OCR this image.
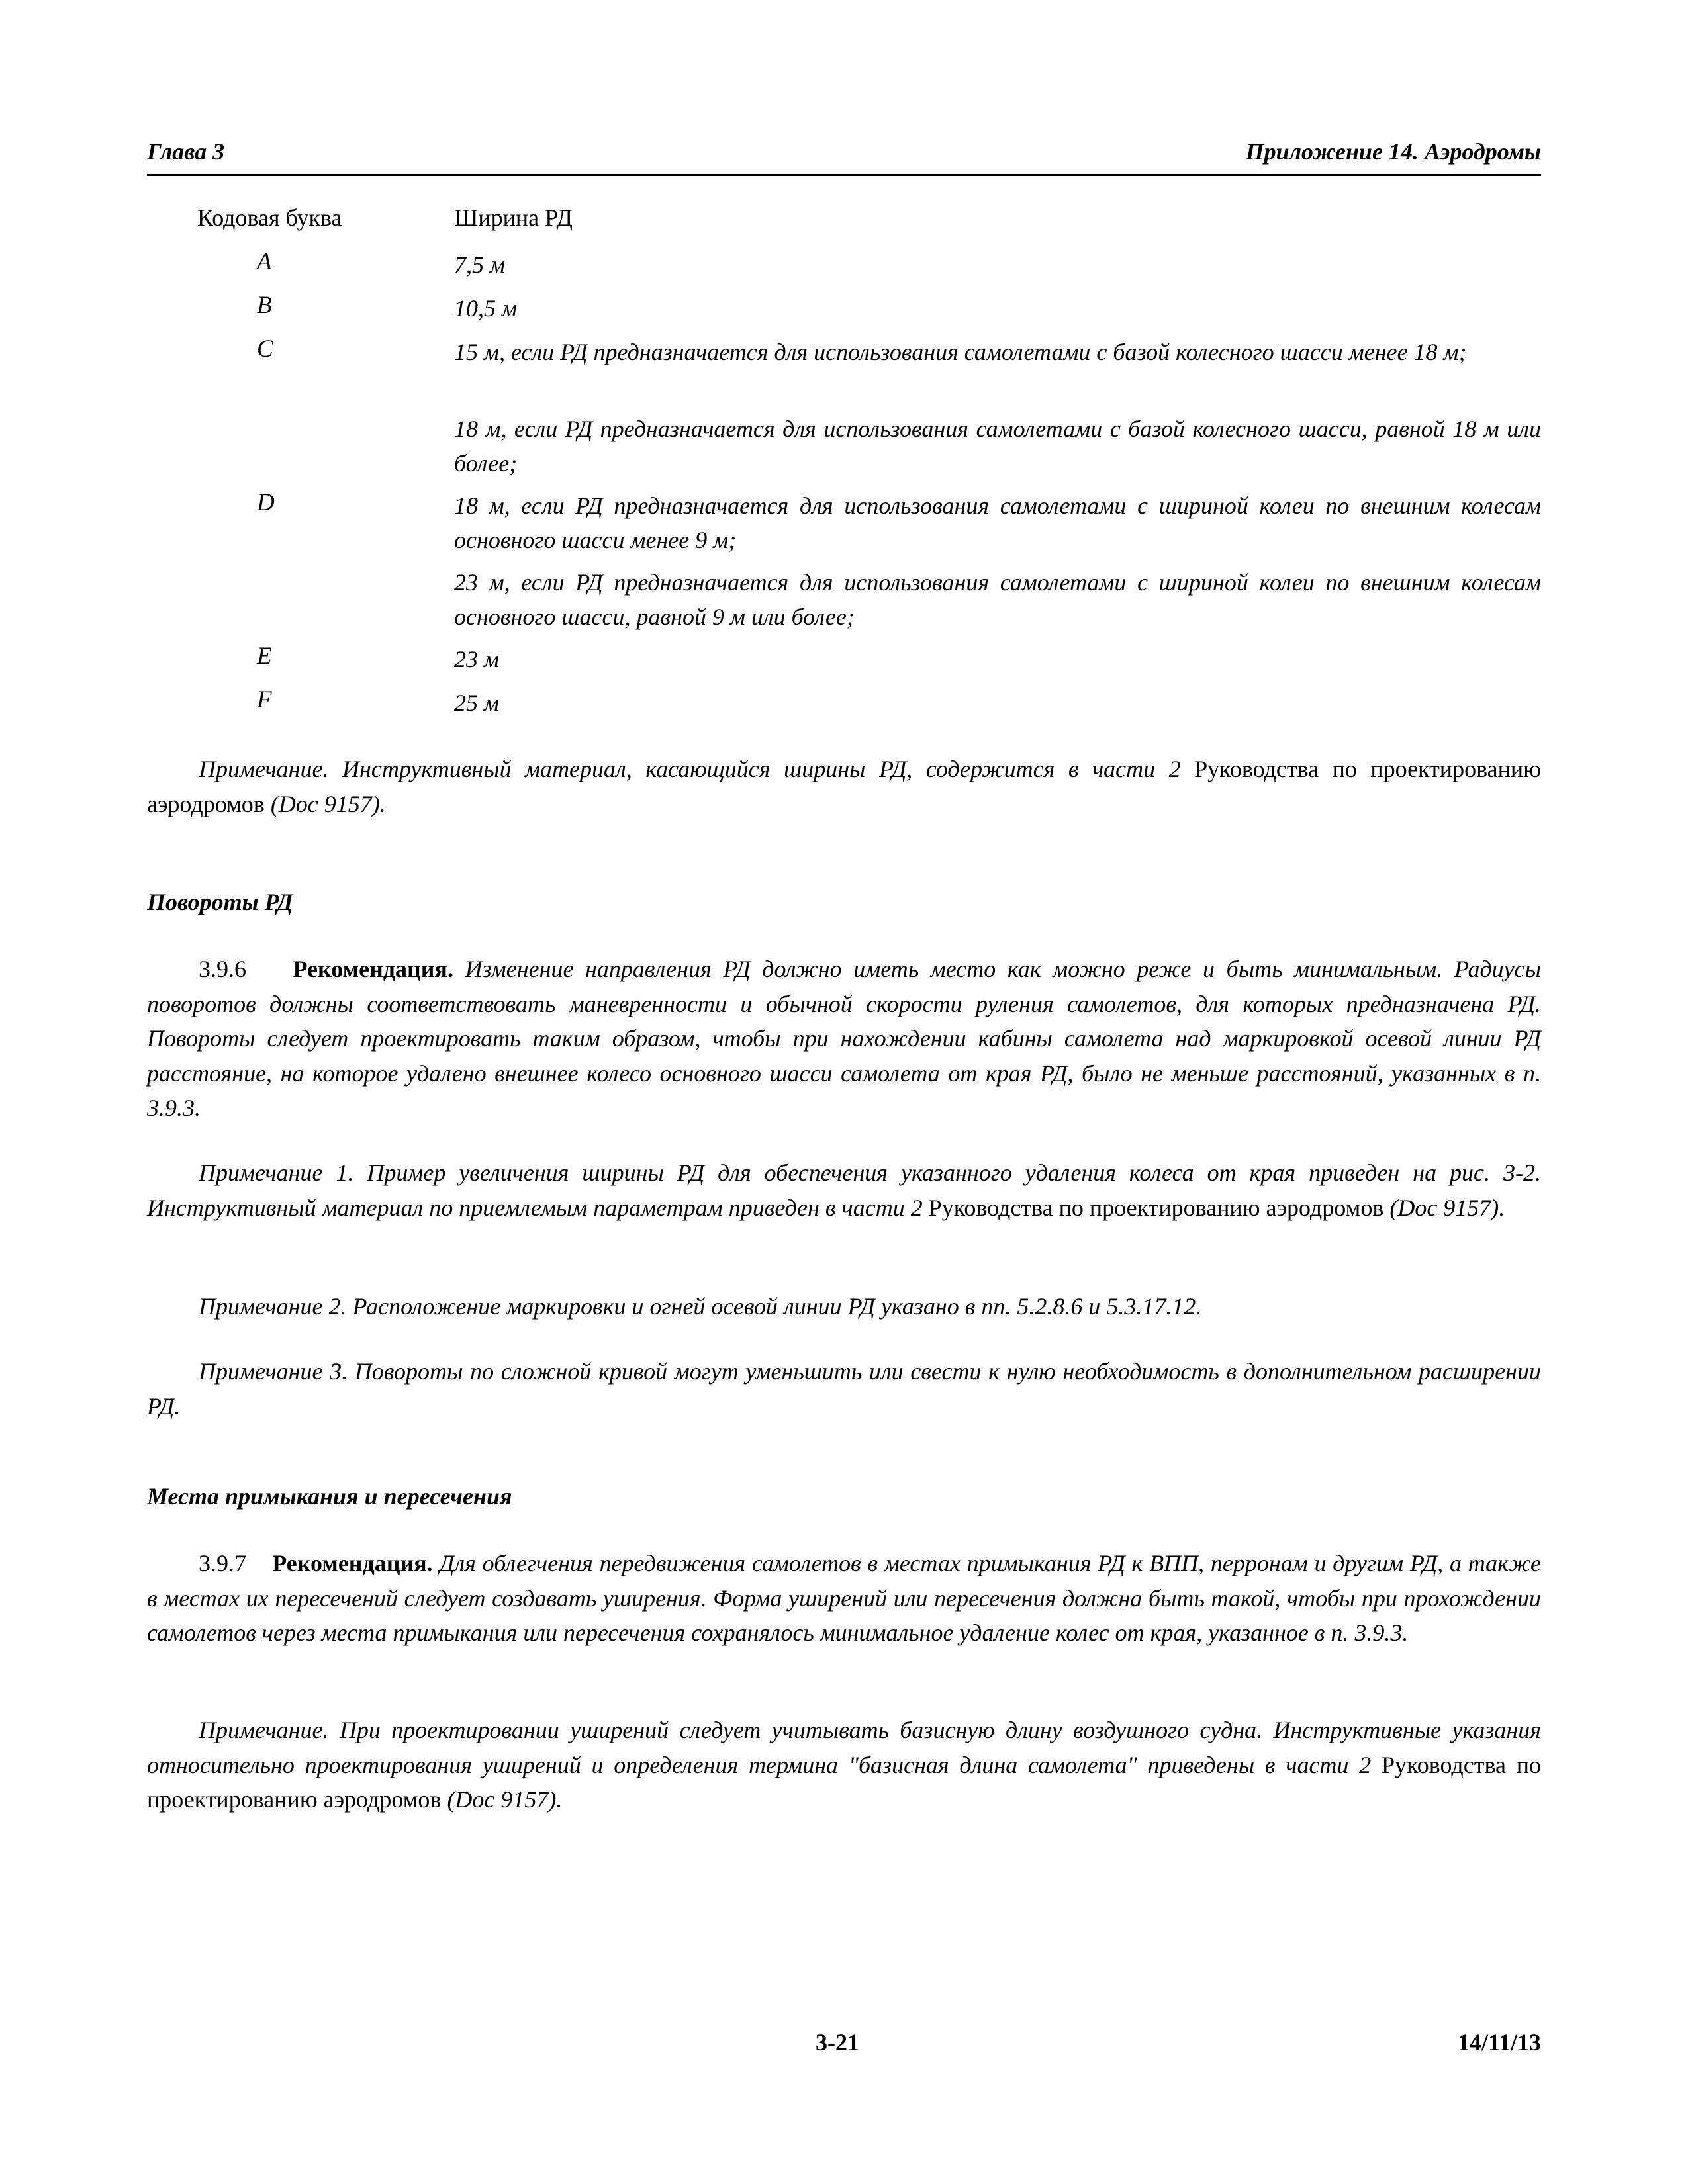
Глава 3	Приложение 14. Аэродромы
Кодовая буква	Ширина РД
A	7,5 м
B	10,5 м
C	15 м, если РД предназначается для использования самолетами с базой колесного шасси менее 18 м;
18 м, если РД предназначается для использования самолетами с базой колесного шасси, равной 18 м или более;
D	18 м, если РД предназначается для использования самолетами с шириной колеи по внешним колесам основного шасси менее 9 м;
23 м, если РД предназначается для использования самолетами с шириной колеи по внешним колесам основного шасси, равной 9 м или более;
E	23 м
F	25 м
Примечание. Инструктивный материал, касающийся ширины РД, содержится в части 2 Руководства по проектированию аэродромов (Doc 9157).
Повороты РД
3.9.6 Рекомендация. Изменение направления РД должно иметь место как можно реже и быть минимальным. Радиусы поворотов должны соответствовать маневренности и обычной скорости руления самолетов, для которых предназначена РД. Повороты следует проектировать таким образом, чтобы при нахождении кабины самолета над маркировкой осевой линии РД расстояние, на которое удалено внешнее колесо основного шасси самолета от края РД, было не меньше расстояний, указанных в п. 3.9.3.
Примечание 1. Пример увеличения ширины РД для обеспечения указанного удаления колеса от края приведен на рис. 3-2. Инструктивный материал по приемлемым параметрам приведен в части 2 Руководства по проектированию аэродромов (Doc 9157).
Примечание 2. Расположение маркировки и огней осевой линии РД указано в пп. 5.2.8.6 и 5.3.17.12.
Примечание 3. Повороты по сложной кривой могут уменьшить или свести к нулю необходимость в дополнительном расширении РД.
Места примыкания и пересечения
3.9.7 Рекомендация. Для облегчения передвижения самолетов в местах примыкания РД к ВПП, перронам и другим РД, а также в местах их пересечений следует создавать уширения. Форма уширений или пересечения должна быть такой, чтобы при прохождении самолетов через места примыкания или пересечения сохранялось минимальное удаление колес от края, указанное в п. 3.9.3.
Примечание. При проектировании уширений следует учитывать базисную длину воздушного судна. Инструктивные указания относительно проектирования уширений и определения термина "базисная длина самолета" приведены в части 2 Руководства по проектированию аэродромов (Doc 9157).
3-21	14/11/13
